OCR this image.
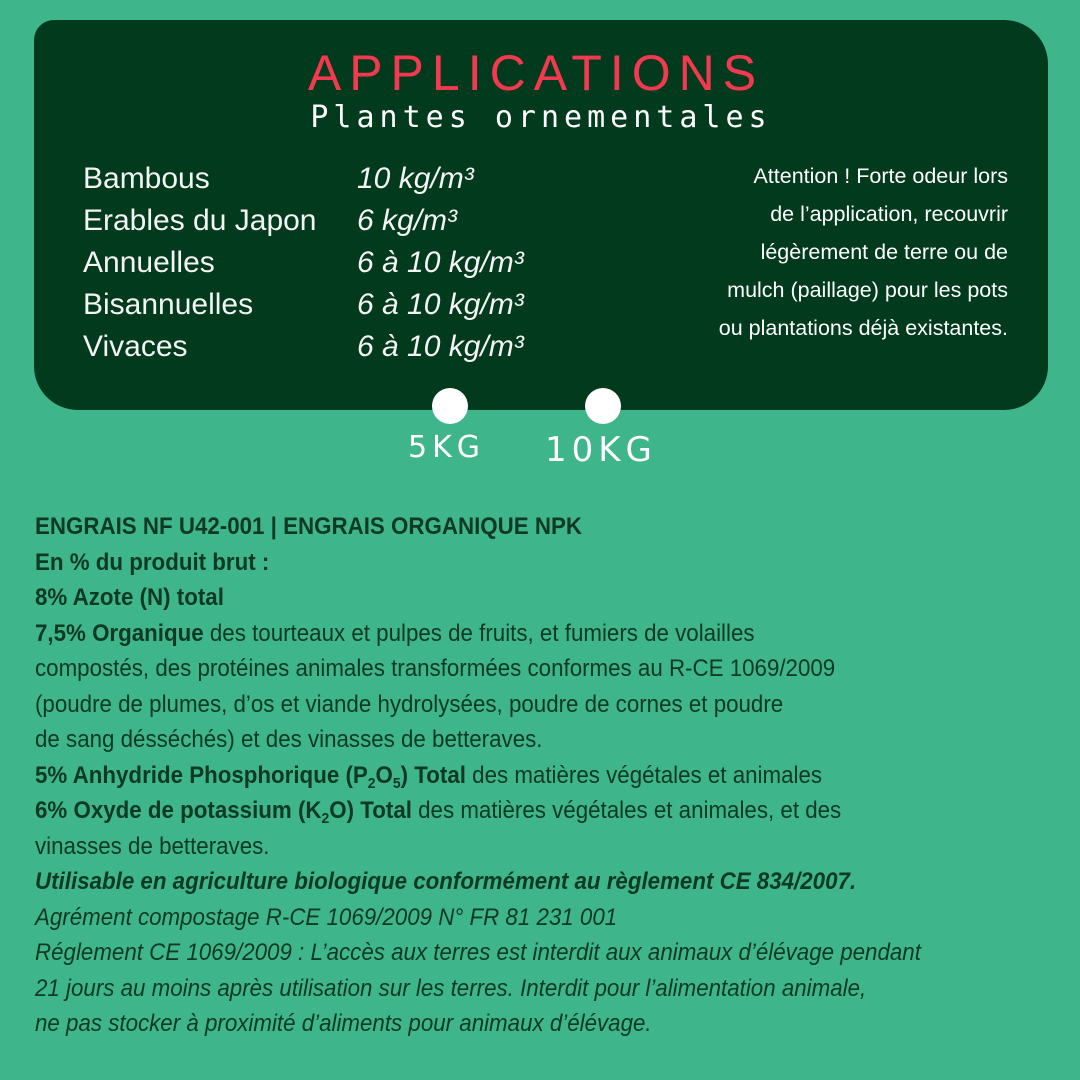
APPLICATIONS
Plantes ornementales
Bambous	10 kg/m³
Erables du Japon	6 kg/m³
Annuelles	6 à 10 kg/m³
Bisannuelles	6 à 10 kg/m³
Vivaces	6 à 10 kg/m³
Attention ! Forte odeur lors
de l’application, recouvrir
légèrement de terre ou de
mulch (paillage) pour les pots
ou plantations déjà existantes.
5KG 10KG

ENGRAIS NF U42-001 | ENGRAIS ORGANIQUE NPK

En % du produit brut :

8% Azote (N) total

7,5% Organique des tourteaux et pulpes de fruits, et fumiers de volailles

compostés, des protéines animales transformées conformes au R-CE 1069/2009

(poudre de plumes, d’os et viande hydrolysées, poudre de cornes et poudre

de sang désséchés) et des vinasses de betteraves.

5% Anhydride Phosphorique $(P_2O_5)$ Total des matières végétales et animales

6% Oxyde de potassium $(K_2O)$ Total des matières végétales et animales, et des

vinasses de betteraves.

Utilisable en agriculture biologique conformément au règlement CE 834/2007.

Agrément compostage R-CE 1069/2009 N° FR 81 231 001

Réglement CE 1069/2009 : L’accès aux terres est interdit aux animaux d’élévage pendant

21 jours au moins après utilisation sur les terres. Interdit pour l’alimentation animale,

ne pas stocker à proximité d’aliments pour animaux d’élévage.
